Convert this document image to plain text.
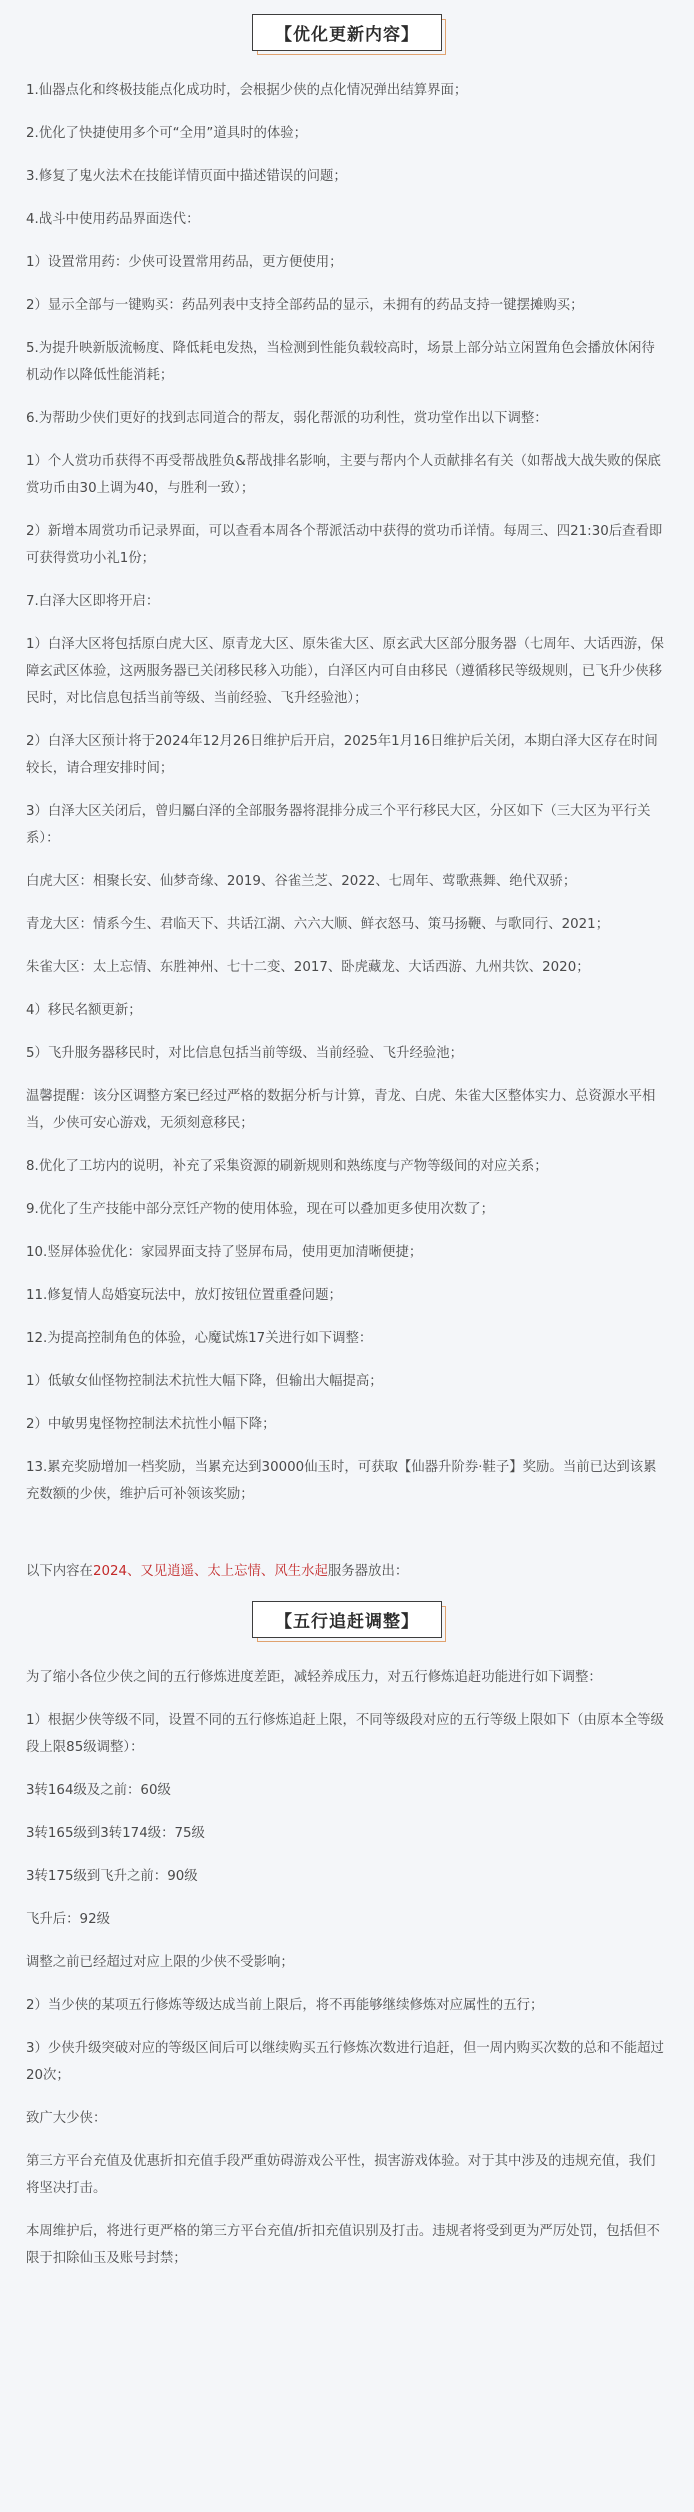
【优化更新内容】

1.仙器点化和终极技能点化成功时，会根据少侠的点化情况弹出结算界面；

2.优化了快捷使用多个可“全用”道具时的体验；

3.修复了鬼火法术在技能详情页面中描述错误的问题；

4.战斗中使用药品界面迭代：

1）设置常用药：少侠可设置常用药品，更方便使用；

2）显示全部与一键购买：药品列表中支持全部药品的显示，未拥有的药品支持一键摆摊购买；

5.为提升映新版流畅度、降低耗电发热，当检测到性能负载较高时，场景上部分站立闲置角色会播放休闲待机动作以降低性能消耗；

6.为帮助少侠们更好的找到志同道合的帮友，弱化帮派的功利性，赏功堂作出以下调整：

1）个人赏功币获得不再受帮战胜负&帮战排名影响，主要与帮内个人贡献排名有关（如帮战大战失败的保底赏功币由30上调为40，与胜利一致）；

2）新增本周赏功币记录界面，可以查看本周各个帮派活动中获得的赏功币详情。每周三、四21:30后查看即可获得赏功小礼1份；

7.白泽大区即将开启：

1）白泽大区将包括原白虎大区、原青龙大区、原朱雀大区、原玄武大区部分服务器（七周年、大话西游，保障玄武区体验，这两服务器已关闭移民移入功能），白泽区内可自由移民（遵循移民等级规则，已飞升少侠移民时，对比信息包括当前等级、当前经验、飞升经验池）；

2）白泽大区预计将于2024年12月26日维护后开启，2025年1月16日维护后关闭，本期白泽大区存在时间较长，请合理安排时间；

3）白泽大区关闭后，曾归屬白泽的全部服务器将混排分成三个平行移民大区，分区如下（三大区为平行关系）：

白虎大区：相聚长安、仙梦奇缘、2019、谷雀兰芝、2022、七周年、莺歌燕舞、绝代双骄；

青龙大区：情系今生、君临天下、共话江湖、六六大顺、鲜衣怒马、策马扬鞭、与歌同行、2021；

朱雀大区：太上忘情、东胜神州、七十二变、2017、卧虎藏龙、大话西游、九州共饮、2020；

4）移民名额更新；

5）飞升服务器移民时，对比信息包括当前等级、当前经验、飞升经验池；

温馨提醒：该分区调整方案已经过严格的数据分析与计算，青龙、白虎、朱雀大区整体实力、总资源水平相当，少侠可安心游戏，无须刻意移民；

8.优化了工坊内的说明，补充了采集资源的刷新规则和熟练度与产物等级间的对应关系；

9.优化了生产技能中部分烹饪产物的使用体验，现在可以叠加更多使用次数了；

10.竖屏体验优化：家园界面支持了竖屏布局，使用更加清晰便捷；

11.修复情人岛婚宴玩法中，放灯按钮位置重叠问题；

12.为提高控制角色的体验，心魔试炼17关进行如下调整：

1）低敏女仙怪物控制法术抗性大幅下降，但输出大幅提高；

2）中敏男鬼怪物控制法术抗性小幅下降；

13.累充奖励增加一档奖励，当累充达到30000仙玉时，可获取【仙器升阶券·鞋子】奖励。当前已达到该累充数额的少侠，维护后可补领该奖励；

以下内容在2024、又见逍遥、太上忘情、风生水起服务器放出：

【五行追赶调整】

为了缩小各位少侠之间的五行修炼进度差距，减轻养成压力，对五行修炼追赶功能进行如下调整：

1）根据少侠等级不同，设置不同的五行修炼追赶上限，不同等级段对应的五行等级上限如下（由原本全等级段上限85级调整）：

3转164级及之前：60级

3转165级到3转174级：75级

3转175级到飞升之前：90级

飞升后：92级

调整之前已经超过对应上限的少侠不受影响；

2）当少侠的某项五行修炼等级达成当前上限后，将不再能够继续修炼对应属性的五行；

3）少侠升级突破对应的等级区间后可以继续购买五行修炼次数进行追赶，但一周内购买次数的总和不能超过20次；

致广大少侠：

第三方平台充值及优惠折扣充值手段严重妨碍游戏公平性，损害游戏体验。对于其中涉及的违规充值，我们将坚决打击。

本周维护后，将进行更严格的第三方平台充值/折扣充值识别及打击。违规者将受到更为严厉处罚，包括但不限于扣除仙玉及账号封禁；
